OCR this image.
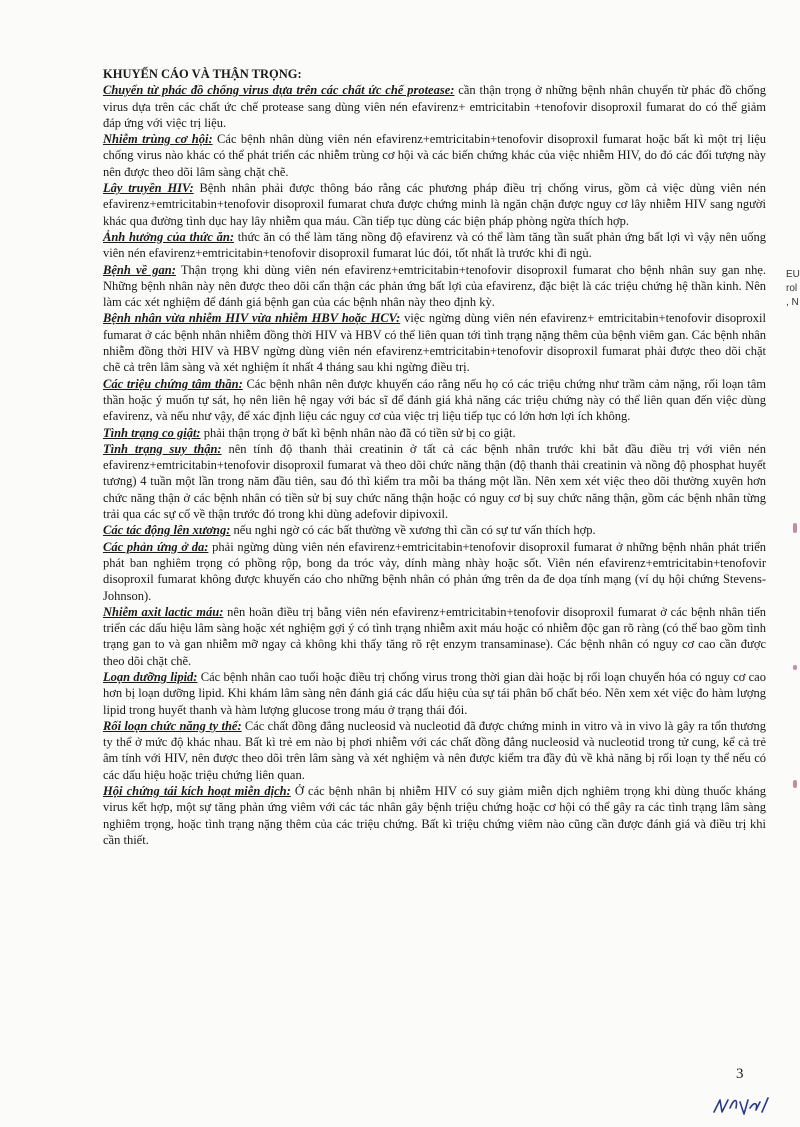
KHUYẾN CÁO VÀ THẬN TRỌNG:

Chuyển từ phác đồ chống virus dựa trên các chất ức chế protease: cần thận trọng ở những bệnh nhân chuyển từ phác đồ chống virus dựa trên các chất ức chế protease sang dùng viên nén efavirenz+ emtricitabin +tenofovir disoproxil fumarat do có thể giảm đáp ứng với việc trị liệu.

Nhiễm trùng cơ hội: Các bệnh nhân dùng viên nén efavirenz+emtricitabin+tenofovir disoproxil fumarat hoặc bất kì một trị liệu chống virus nào khác có thể phát triển các nhiễm trùng cơ hội và các biến chứng khác của việc nhiễm HIV, do đó các đối tượng này nên được theo dõi lâm sàng chặt chẽ.

Lây truyền HIV: Bệnh nhân phải được thông báo rằng các phương pháp điều trị chống virus, gồm cả việc dùng viên nén efavirenz+emtricitabin+tenofovir disoproxil fumarat chưa được chứng minh là ngăn chặn được nguy cơ lây nhiễm HIV sang người khác qua đường tình dục hay lây nhiễm qua máu. Cần tiếp tục dùng các biện pháp phòng ngừa thích hợp.

Ảnh hưởng của thức ăn: thức ăn có thể làm tăng nồng độ efavirenz và có thể làm tăng tần suất phản ứng bất lợi vì vậy nên uống viên nén efavirenz+emtricitabin+tenofovir disoproxil fumarat lúc đói, tốt nhất là trước khi đi ngủ.

Bệnh về gan: Thận trọng khi dùng viên nén efavirenz+emtricitabin+tenofovir disoproxil fumarat cho bệnh nhân suy gan nhẹ. Những bệnh nhân này nên được theo dõi cẩn thận các phản ứng bất lợi của efavirenz, đặc biệt là các triệu chứng hệ thần kinh. Nên làm các xét nghiệm để đánh giá bệnh gan của các bệnh nhân này theo định kỳ.

Bệnh nhân vừa nhiễm HIV vừa nhiễm HBV hoặc HCV: việc ngừng dùng viên nén efavirenz+ emtricitabin+tenofovir disoproxil fumarat ở các bệnh nhân nhiễm đồng thời HIV và HBV có thể liên quan tới tình trạng nặng thêm của bệnh viêm gan. Các bệnh nhân nhiễm đồng thời HIV và HBV ngừng dùng viên nén efavirenz+emtricitabin+tenofovir disoproxil fumarat phải được theo dõi chặt chẽ cả trên lâm sàng và xét nghiệm ít nhất 4 tháng sau khi ngừng điều trị.

Các triệu chứng tâm thần: Các bệnh nhân nên được khuyến cáo rằng nếu họ có các triệu chứng như trầm cảm nặng, rối loạn tâm thần hoặc ý muốn tự sát, họ nên liên hệ ngay với bác sĩ để đánh giá khả năng các triệu chứng này có thể liên quan đến việc dùng efavirenz, và nếu như vậy, để xác định liệu các nguy cơ của việc trị liệu tiếp tục có lớn hơn lợi ích không.

Tình trạng co giật: phải thận trọng ở bất kì bệnh nhân nào đã có tiền sử bị co giật.

Tình trạng suy thận: nên tính độ thanh thải creatinin ở tất cả các bệnh nhân trước khi bắt đầu điều trị với viên nén efavirenz+emtricitabin+tenofovir disoproxil fumarat và theo dõi chức năng thận (độ thanh thải creatinin và nồng độ phosphat huyết tương) 4 tuần một lần trong năm đầu tiên, sau đó thì kiểm tra mỗi ba tháng một lần. Nên xem xét việc theo dõi thường xuyên hơn chức năng thận ở các bệnh nhân có tiền sử bị suy chức năng thận hoặc có nguy cơ bị suy chức năng thận, gồm các bệnh nhân từng trải qua các sự cố về thận trước đó trong khi dùng adefovir dipivoxil.

Các tác động lên xương: nếu nghi ngờ có các bất thường về xương thì cần có sự tư vấn thích hợp.

Các phản ứng ở da: phải ngừng dùng viên nén efavirenz+emtricitabin+tenofovir disoproxil fumarat ở những bệnh nhân phát triển phát ban nghiêm trọng có phồng rộp, bong da tróc vảy, dính màng nhày hoặc sốt. Viên nén efavirenz+emtricitabin+tenofovir disoproxil fumarat không được khuyến cáo cho những bệnh nhân có phản ứng trên da đe dọa tính mạng (ví dụ hội chứng Stevens-Johnson).

Nhiễm axit lactic máu: nên hoãn điều trị bằng viên nén efavirenz+emtricitabin+tenofovir disoproxil fumarat ở các bệnh nhân tiến triển các dấu hiệu lâm sàng hoặc xét nghiệm gợi ý có tình trạng nhiễm axit máu hoặc có nhiễm độc gan rõ ràng (có thể bao gồm tình trạng gan to và gan nhiễm mỡ ngay cả không khi thấy tăng rõ rệt enzym transaminase). Các bệnh nhân có nguy cơ cao cần được theo dõi chặt chẽ.

Loạn dưỡng lipid: Các bệnh nhân cao tuổi hoặc điều trị chống virus trong thời gian dài hoặc bị rối loạn chuyển hóa có nguy cơ cao hơn bị loạn dưỡng lipid. Khi khám lâm sàng nên đánh giá các dấu hiệu của sự tái phân bố chất béo. Nên xem xét việc đo hàm lượng lipid trong huyết thanh và hàm lượng glucose trong máu ở trạng thái đói.

Rối loạn chức năng ty thể: Các chất đồng đẳng nucleosid và nucleotid đã được chứng minh in vitro và in vivo là gây ra tổn thương ty thể ở mức độ khác nhau. Bất kì trẻ em nào bị phơi nhiễm với các chất đồng đẳng nucleosid và nucleotid trong tử cung, kể cả trẻ âm tính với HIV, nên được theo dõi trên lâm sàng và xét nghiệm và nên được kiểm tra đầy đủ về khả năng bị rối loạn ty thể nếu có các dấu hiệu hoặc triệu chứng liên quan.

Hội chứng tái kích hoạt miễn dịch: Ở các bệnh nhân bị nhiễm HIV có suy giảm miễn dịch nghiêm trọng khi dùng thuốc kháng virus kết hợp, một sự tăng phản ứng viêm với các tác nhân gây bệnh triệu chứng hoặc cơ hội có thể gây ra các tình trạng lâm sàng nghiêm trọng, hoặc tình trạng nặng thêm của các triệu chứng. Bất kì triệu chứng viêm nào cũng cần được đánh giá và điều trị khi cần thiết.

EU
rol
, N
3
